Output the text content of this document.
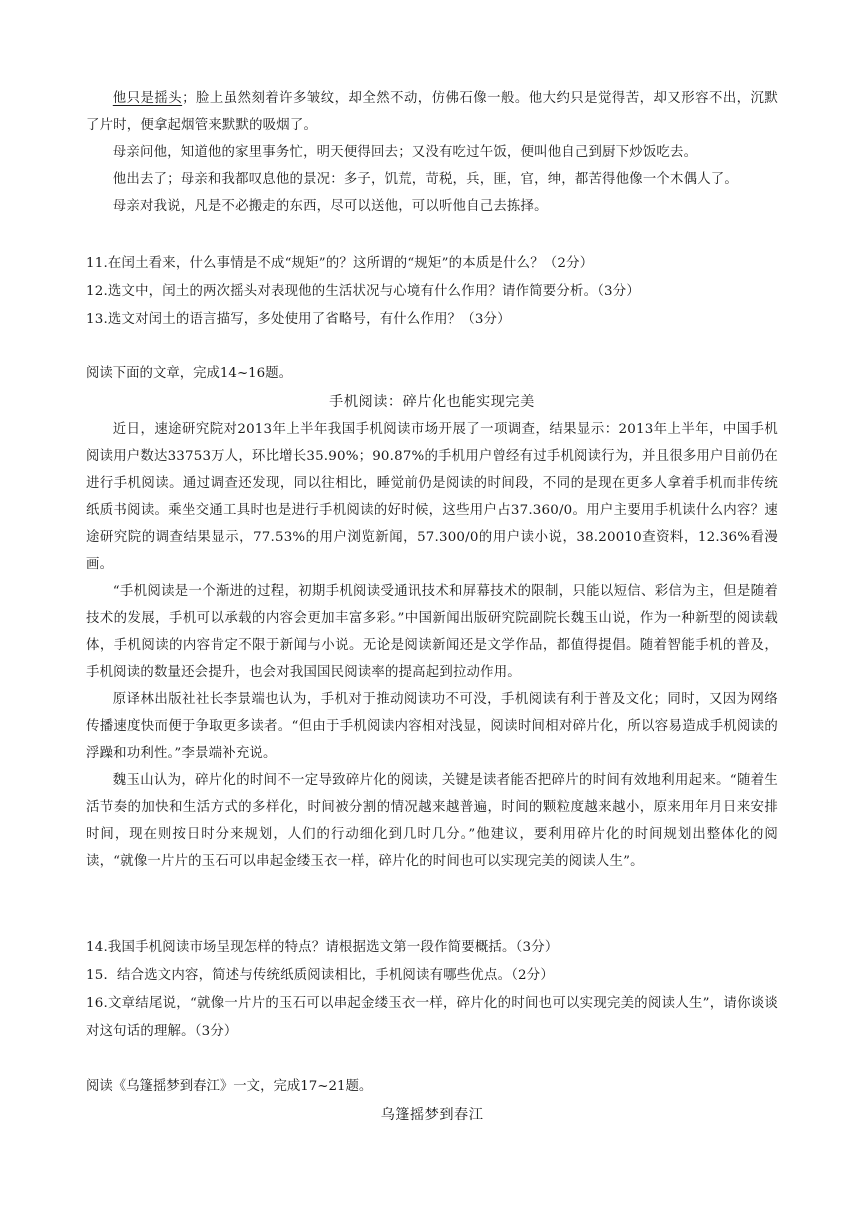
他只是摇头；脸上虽然刻着许多皱纹，却全然不动，仿佛石像一般。他大约只是觉得苦，却又形容不出，沉默了片时，便拿起烟管来默默的吸烟了。

母亲问他，知道他的家里事务忙，明天便得回去；又没有吃过午饭，便叫他自己到厨下炒饭吃去。

他出去了；母亲和我都叹息他的景况：多子，饥荒，苛税，兵，匪，官，绅，都苦得他像一个木偶人了。

母亲对我说，凡是不必搬走的东西，尽可以送他，可以听他自己去拣择。

11.在闰土看来，什么事情是不成“规矩”的？这所谓的“规矩”的本质是什么？（2分）

12.选文中，闰土的两次摇头对表现他的生活状况与心境有什么作用？请作简要分析。（3分）

13.选文对闰土的语言描写，多处使用了省略号，有什么作用？（3分）

阅读下面的文章，完成14~16题。

手机阅读：碎片化也能实现完美

近日，速途研究院对2013年上半年我国手机阅读市场开展了一项调查，结果显示：2013年上半年，中国手机阅读用户数达33753万人，环比增长35.90%；90.87%的手机用户曾经有过手机阅读行为，并且很多用户目前仍在进行手机阅读。通过调查还发现，同以往相比，睡觉前仍是阅读的时间段，不同的是现在更多人拿着手机而非传统纸质书阅读。乘坐交通工具时也是进行手机阅读的好时候，这些用户占37.360/0。用户主要用手机读什么内容？速途研究院的调查结果显示，77.53%的用户浏览新闻，57.300/0的用户读小说，38.20010查资料，12.36%看漫画。

“手机阅读是一个渐进的过程，初期手机阅读受通讯技术和屏幕技术的限制，只能以短信、彩信为主，但是随着技术的发展，手机可以承载的内容会更加丰富多彩。”中国新闻出版研究院副院长魏玉山说，作为一种新型的阅读载体，手机阅读的内容肯定不限于新闻与小说。无论是阅读新闻还是文学作品，都值得提倡。随着智能手机的普及，手机阅读的数量还会提升，也会对我国国民阅读率的提高起到拉动作用。

原译林出版社社长李景端也认为，手机对于推动阅读功不可没，手机阅读有利于普及文化；同时，又因为网络传播速度快而便于争取更多读者。“但由于手机阅读内容相对浅显，阅读时间相对碎片化，所以容易造成手机阅读的浮躁和功利性。”李景端补充说。

魏玉山认为，碎片化的时间不一定导致碎片化的阅读，关键是读者能否把碎片的时间有效地利用起来。“随着生活节奏的加快和生活方式的多样化，时间被分割的情况越来越普遍，时间的颗粒度越来越小，原来用年月日来安排时间，现在则按日时分来规划，人们的行动细化到几时几分。”他建议，要利用碎片化的时间规划出整体化的阅读，“就像一片片的玉石可以串起金缕玉衣一样，碎片化的时间也可以实现完美的阅读人生”。

14.我国手机阅读市场呈现怎样的特点？请根据选文第一段作简要概括。（3分）

15．结合选文内容，简述与传统纸质阅读相比，手机阅读有哪些优点。（2分）

16.文章结尾说，“就像一片片的玉石可以串起金缕玉衣一样，碎片化的时间也可以实现完美的阅读人生”，请你谈谈对这句话的理解。（3分）

阅读《乌篷摇梦到春江》一文，完成17~21题。

乌篷摇梦到春江
